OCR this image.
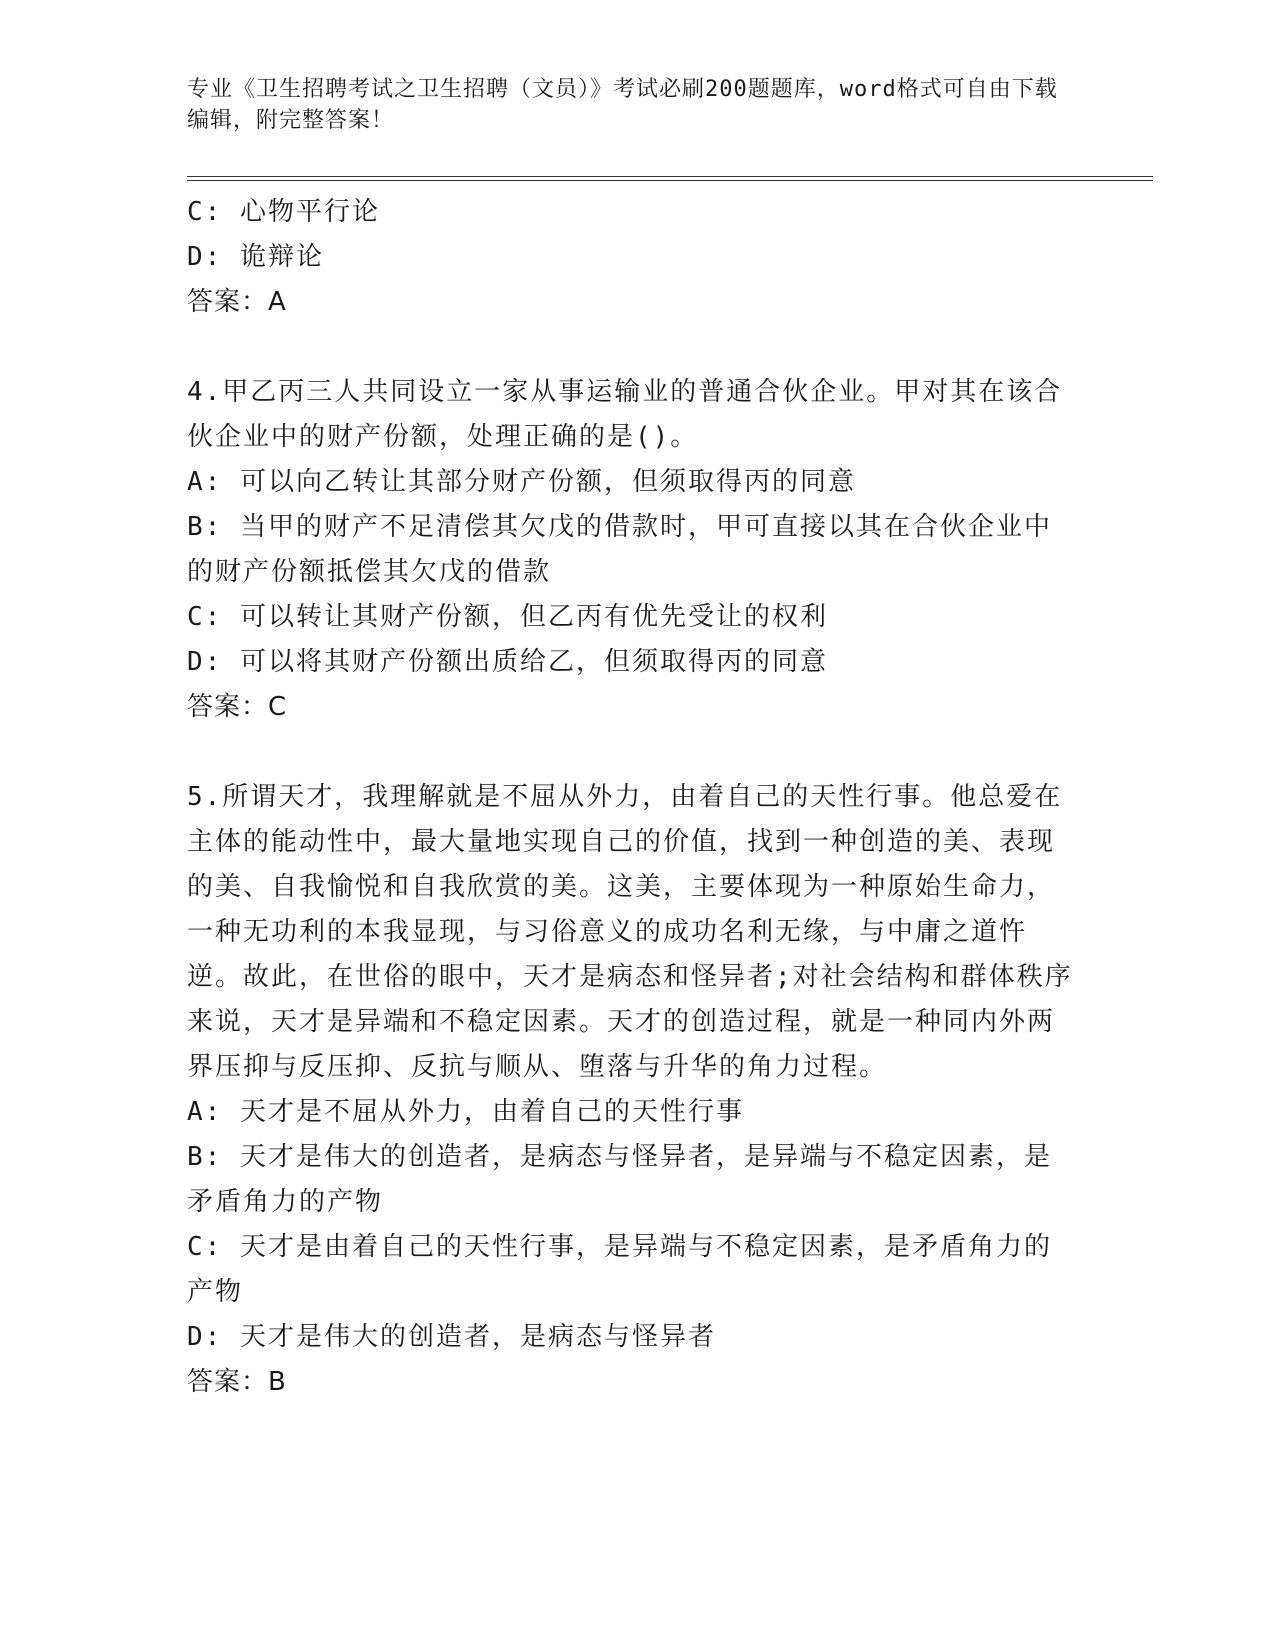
专业《卫生招聘考试之卫生招聘（文员）》考试必刷200题题库，word格式可自由下载编辑，附完整答案！
C: 心物平行论
D: 诡辩论
答案：A
4.甲乙丙三人共同设立一家从事运输业的普通合伙企业。甲对其在该合伙企业中的财产份额，处理正确的是()。
A: 可以向乙转让其部分财产份额，但须取得丙的同意
B: 当甲的财产不足清偿其欠戊的借款时，甲可直接以其在合伙企业中的财产份额抵偿其欠戊的借款
C: 可以转让其财产份额，但乙丙有优先受让的权利
D: 可以将其财产份额出质给乙，但须取得丙的同意
答案：C
5.所谓天才，我理解就是不屈从外力，由着自己的天性行事。他总爱在主体的能动性中，最大量地实现自己的价值，找到一种创造的美、表现的美、自我愉悦和自我欣赏的美。这美，主要体现为一种原始生命力，一种无功利的本我显现，与习俗意义的成功名利无缘，与中庸之道忤逆。故此，在世俗的眼中，天才是病态和怪异者;对社会结构和群体秩序来说，天才是异端和不稳定因素。天才的创造过程，就是一种同内外两界压抑与反压抑、反抗与顺从、堕落与升华的角力过程。
A: 天才是不屈从外力，由着自己的天性行事
B: 天才是伟大的创造者，是病态与怪异者，是异端与不稳定因素，是矛盾角力的产物
C: 天才是由着自己的天性行事，是异端与不稳定因素，是矛盾角力的产物
D: 天才是伟大的创造者，是病态与怪异者
答案：B
